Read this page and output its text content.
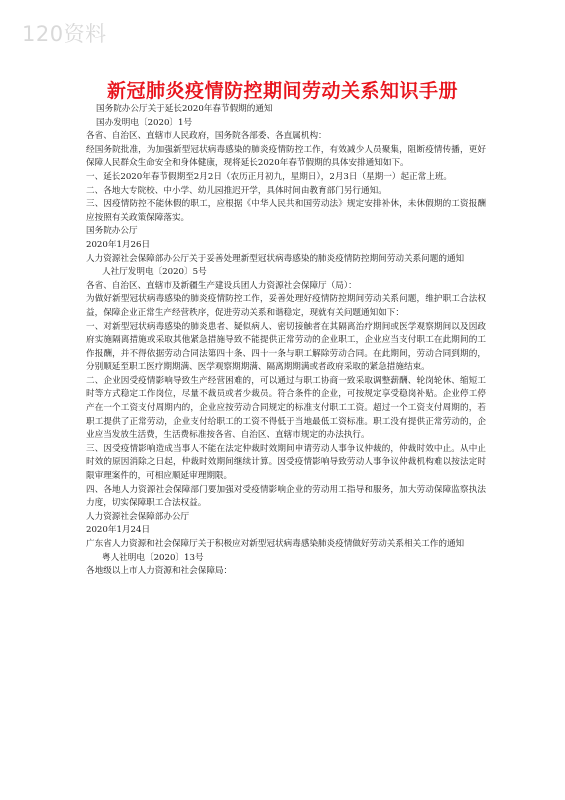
120资料
新冠肺炎疫情防控期间劳动关系知识手册

国务院办公厅关于延长2020年春节假期的通知

国办发明电〔2020〕1号

各省、自治区、直辖市人民政府，国务院各部委、各直属机构：

经国务院批准，为加强新型冠状病毒感染的肺炎疫情防控工作，有效减少人员聚集，阻断疫情传播，更好保障人民群众生命安全和身体健康，现将延长2020年春节假期的具体安排通知如下。

一、延长2020年春节假期至2月2日（农历正月初九，星期日），2月3日（星期一）起正常上班。

二、各地大专院校、中小学、幼儿园推迟开学，具体时间由教育部门另行通知。

三、因疫情防控不能休假的职工，应根据《中华人民共和国劳动法》规定安排补休，未休假期的工资报酬应按照有关政策保障落实。

国务院办公厅

2020年1月26日

人力资源社会保障部办公厅关于妥善处理新型冠状病毒感染的肺炎疫情防控期间劳动关系问题的通知

人社厅发明电〔2020〕5号

各省、自治区、直辖市及新疆生产建设兵团人力资源社会保障厅（局）：

为做好新型冠状病毒感染的肺炎疫情防控工作，妥善处理好疫情防控期间劳动关系问题，维护职工合法权益，保障企业正常生产经营秩序，促进劳动关系和谐稳定，现就有关问题通知如下：

一、对新型冠状病毒感染的肺炎患者、疑似病人、密切接触者在其隔离治疗期间或医学观察期间以及因政府实施隔离措施或采取其他紧急措施导致不能提供正常劳动的企业职工，企业应当支付职工在此期间的工作报酬，并不得依据劳动合同法第四十条、四十一条与职工解除劳动合同。在此期间，劳动合同到期的，分别顺延至职工医疗期期满、医学观察期期满、隔离期期满或者政府采取的紧急措施结束。

二、企业因受疫情影响导致生产经营困难的，可以通过与职工协商一致采取调整薪酬、轮岗轮休、缩短工时等方式稳定工作岗位，尽量不裁员或者少裁员。符合条件的企业，可按规定享受稳岗补贴。企业停工停产在一个工资支付周期内的，企业应按劳动合同规定的标准支付职工工资。超过一个工资支付周期的，若职工提供了正常劳动，企业支付给职工的工资不得低于当地最低工资标准。职工没有提供正常劳动的，企业应当发放生活费，生活费标准按各省、自治区、直辖市规定的办法执行。

三、因受疫情影响造成当事人不能在法定仲裁时效期间申请劳动人事争议仲裁的，仲裁时效中止。从中止时效的原因消除之日起，仲裁时效期间继续计算。因受疫情影响导致劳动人事争议仲裁机构难以按法定时限审理案件的，可相应顺延审理期限。

四、各地人力资源社会保障部门要加强对受疫情影响企业的劳动用工指导和服务，加大劳动保障监察执法力度，切实保障职工合法权益。

人力资源社会保障部办公厅

2020年1月24日

广东省人力资源和社会保障厅关于积极应对新型冠状病毒感染肺炎疫情做好劳动关系相关工作的通知

粤人社明电〔2020〕13号

各地级以上市人力资源和社会保障局：
